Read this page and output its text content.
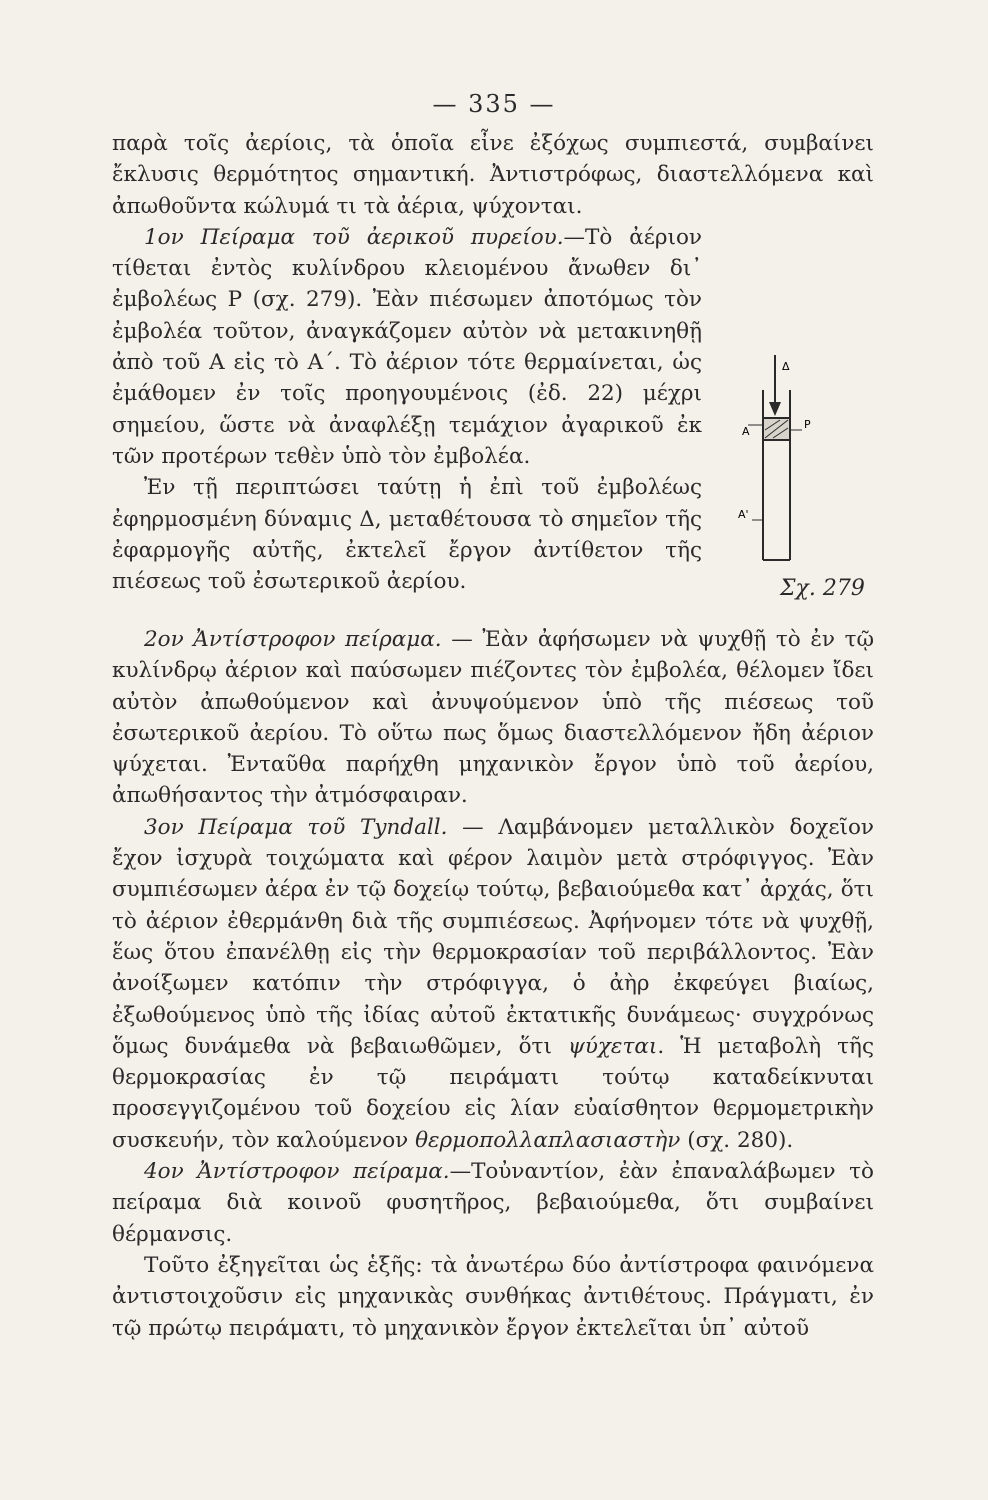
— 335 —

παρὰ τοῖς ἀερίοις, τὰ ὁποῖα εἶνε ἐξόχως συμπιεστά, συμβαίνει ἔκλυσις θερμότητος σημαντική. Ἀντιστρόφως, διαστελλόμενα καὶ ἀπωθοῦντα κώλυμά τι τὰ ἀέρια, ψύχονται.

1ον Πείραμα τοῦ ἀερικοῦ πυρείου.—Τὸ ἀέριον τίθεται ἐντὸς κυλίνδρου κλειομένου ἄνωθεν δι᾽ ἐμβολέως P (σχ. 279). Ἐὰν πιέσωμεν ἀποτόμως τὸν ἐμβολέα τοῦτον, ἀναγκάζομεν αὐτὸν νὰ μετακινηθῇ ἀπὸ τοῦ A εἰς τὸ A΄. Τὸ ἀέριον τότε θερμαίνεται, ὡς ἐμάθομεν ἐν τοῖς προηγουμένοις (ἐδ. 22) μέχρι σημείου, ὥστε νὰ ἀναφλέξῃ τεμάχιον ἀγαρικοῦ ἐκ τῶν προτέρων τεθὲν ὑπὸ τὸν ἐμβολέα.

Ἐν τῇ περιπτώσει ταύτῃ ἡ ἐπὶ τοῦ ἐμβολέως ἐφηρμοσμένη δύναμις Δ, μεταθέτουσα τὸ σημεῖον τῆς ἐφαρμογῆς αὐτῆς, ἐκτελεῖ ἔργον ἀντίθετον τῆς πιέσεως τοῦ ἐσωτερικοῦ ἀερίου.

Δ
A
A'
P
Σχ. 279

2ον Ἀντίστροφον πείραμα. — Ἐὰν ἀφήσωμεν νὰ ψυχθῇ τὸ ἐν τῷ κυλίνδρῳ ἀέριον καὶ παύσωμεν πιέζοντες τὸν ἐμβολέα, θέλομεν ἴδει αὐτὸν ἀπωθούμενον καὶ ἀνυψούμενον ὑπὸ τῆς πιέσεως τοῦ ἐσωτερικοῦ ἀερίου. Τὸ οὕτω πως ὅμως διαστελλόμενον ἤδη ἀέριον ψύχεται. Ἐνταῦθα παρήχθη μηχανικὸν ἔργον ὑπὸ τοῦ ἀερίου, ἀπωθήσαντος τὴν ἀτμόσφαιραν.

3ον Πείραμα τοῦ Tyndall. — Λαμβάνομεν μεταλλικὸν δοχεῖον ἔχον ἰσχυρὰ τοιχώματα καὶ φέρον λαιμὸν μετὰ στρόφιγγος. Ἐὰν συμπιέσωμεν ἀέρα ἐν τῷ δοχείῳ τούτῳ, βεβαιούμεθα κατ᾽ ἀρχάς, ὅτι τὸ ἀέριον ἐθερμάνθη διὰ τῆς συμπιέσεως. Ἀφήνομεν τότε νὰ ψυχθῇ, ἕως ὅτου ἐπανέλθῃ εἰς τὴν θερμοκρασίαν τοῦ περιβάλλοντος. Ἐὰν ἀνοίξωμεν κατόπιν τὴν στρόφιγγα, ὁ ἀὴρ ἐκφεύγει βιαίως, ἐξωθούμενος ὑπὸ τῆς ἰδίας αὐτοῦ ἐκτατικῆς δυνάμεως· συγχρόνως ὅμως δυνάμεθα νὰ βεβαιωθῶμεν, ὅτι ψύχεται. Ἡ μεταβολὴ τῆς θερμοκρασίας ἐν τῷ πειράματι τούτῳ καταδείκνυται προσεγγιζομένου τοῦ δοχείου εἰς λίαν εὐαίσθητον θερμομετρικὴν συσκευήν, τὸν καλούμενον θερμοπολλαπλασιαστὴν (σχ. 280).

4ον Ἀντίστροφον πείραμα.—Τοὐναντίον, ἐὰν ἐπαναλάβωμεν τὸ πείραμα διὰ κοινοῦ φυσητῆρος, βεβαιούμεθα, ὅτι συμβαίνει θέρμανσις.

Τοῦτο ἐξηγεῖται ὡς ἑξῆς: τὰ ἀνωτέρω δύο ἀντίστροφα φαινόμενα ἀντιστοιχοῦσιν εἰς μηχανικὰς συνθήκας ἀντιθέτους. Πράγματι, ἐν τῷ πρώτῳ πειράματι, τὸ μηχανικὸν ἔργον ἐκτελεῖται ὑπ᾽ αὐτοῦ
